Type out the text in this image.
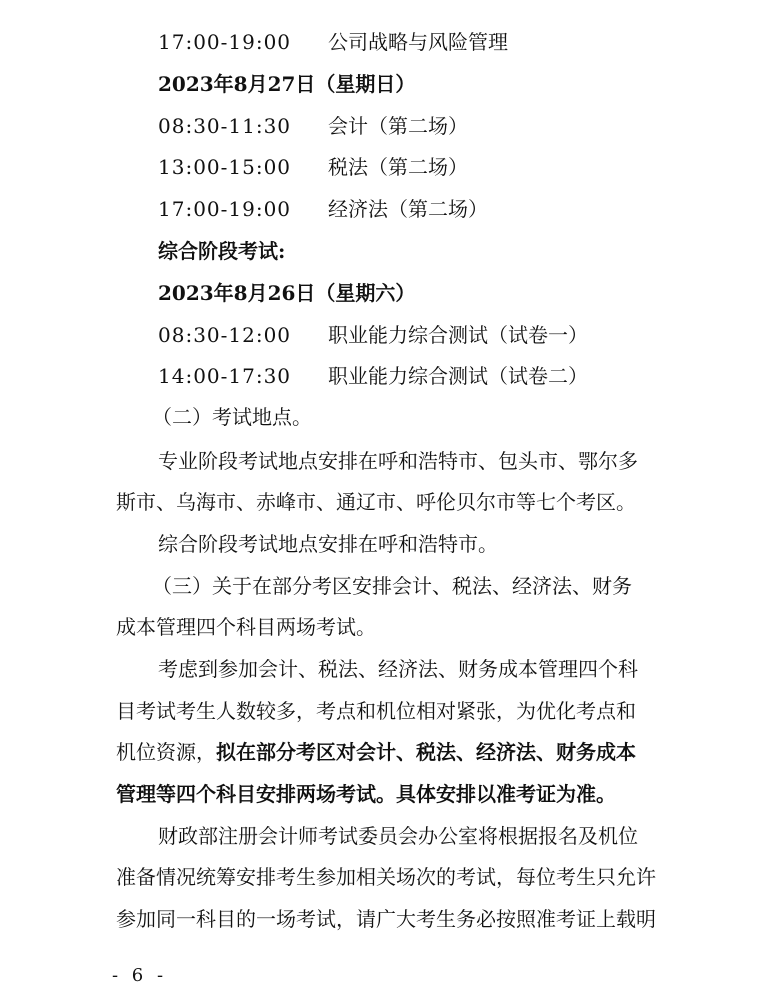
17:00-19:00 公司战略与风险管理
2023年8月27日（星期日）
08:30-11:30 会计（第二场）
13:00-15:00 税法（第二场）
17:00-19:00 经济法（第二场）
综合阶段考试:
2023年8月26日（星期六）
08:30-12:00 职业能力综合测试（试卷一）
14:00-17:30 职业能力综合测试（试卷二）
（二）考试地点。
专业阶段考试地点安排在呼和浩特市、包头市、鄂尔多
斯市、乌海市、赤峰市、通辽市、呼伦贝尔市等七个考区。
综合阶段考试地点安排在呼和浩特市。
（三）关于在部分考区安排会计、税法、经济法、财务
成本管理四个科目两场考试。
考虑到参加会计、税法、经济法、财务成本管理四个科
目考试考生人数较多，考点和机位相对紧张，为优化考点和
机位资源，拟在部分考区对会计、税法、经济法、财务成本
管理等四个科目安排两场考试。具体安排以准考证为准。
财政部注册会计师考试委员会办公室将根据报名及机位
准备情况统筹安排考生参加相关场次的考试，每位考生只允许
参加同一科目的一场考试，请广大考生务必按照准考证上载明
- 6 -
